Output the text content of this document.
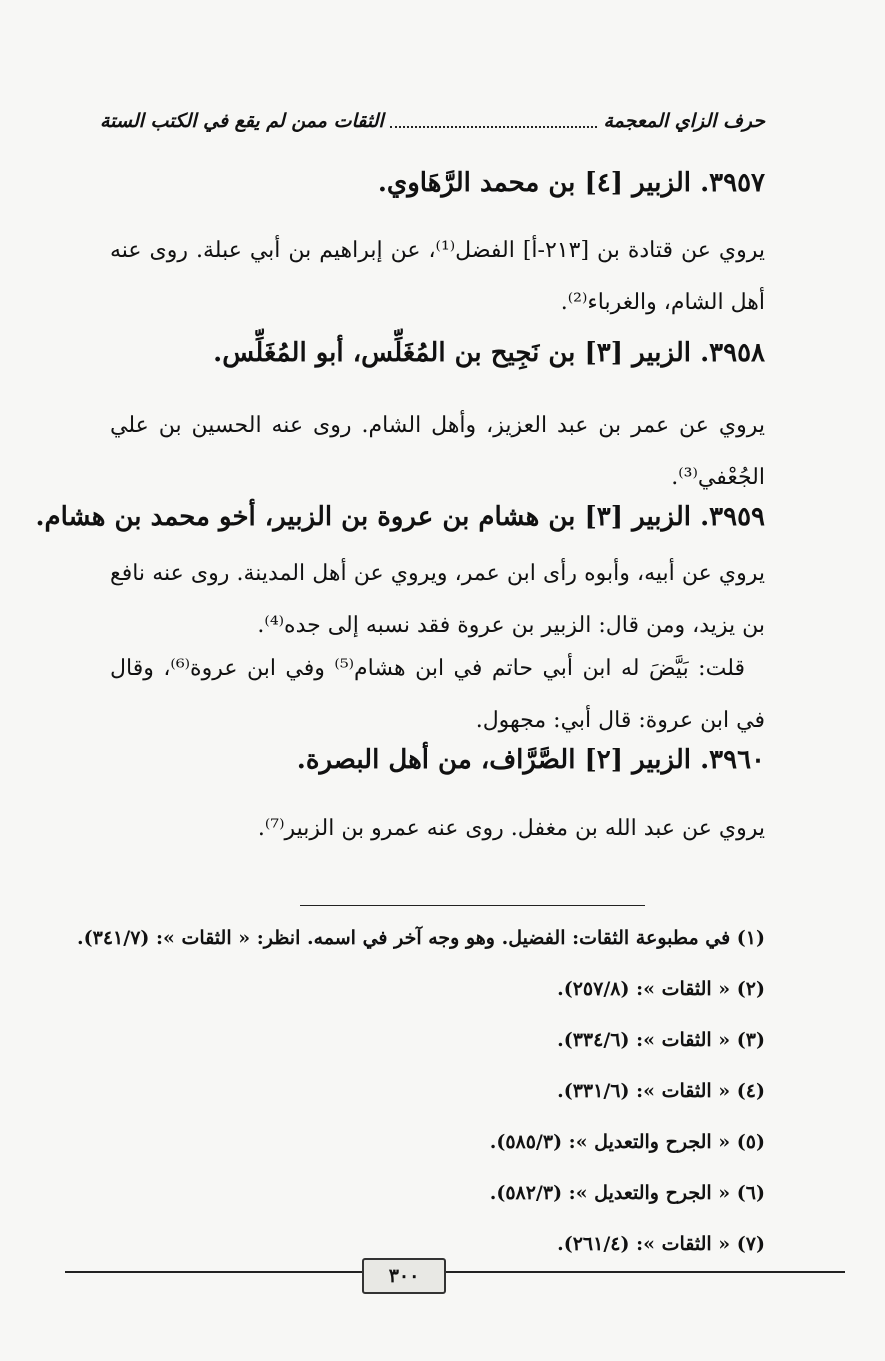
حرف الزاي المعجمة
الثقات ممن لم يقع في الكتب الستة
٣٩٥٧. الزبير [٤] بن محمد الرَّهَاوي.
يروي عن قتادة بن [٢١٣-أ] الفضل⁽¹⁾، عن إبراهيم بن أبي عبلة. روى عنه أهل الشام، والغرباء⁽²⁾.
٣٩٥٨. الزبير [٣] بن نَجِيح بن المُغَلِّس، أبو المُغَلِّس.
يروي عن عمر بن عبد العزيز، وأهل الشام. روى عنه الحسين بن علي الجُعْفي⁽³⁾.
٣٩٥٩. الزبير [٣] بن هشام بن عروة بن الزبير، أخو محمد بن هشام.
يروي عن أبيه، وأبوه رأى ابن عمر، ويروي عن أهل المدينة. روى عنه نافع بن يزيد، ومن قال: الزبير بن عروة فقد نسبه إلى جده⁽⁴⁾.
قلت: بَيَّضَ له ابن أبي حاتم في ابن هشام⁽⁵⁾ وفي ابن عروة⁽⁶⁾، وقال في ابن عروة: قال أبي: مجهول.
٣٩٦٠. الزبير [٢] الصَّرَّاف، من أهل البصرة.
يروي عن عبد الله بن مغفل. روى عنه عمرو بن الزبير⁽⁷⁾.
(١) في مطبوعة الثقات: الفضيل. وهو وجه آخر في اسمه. انظر: « الثقات »: (٣٤١/٧).
(٢) « الثقات »: (٢٥٧/٨).
(٣) « الثقات »: (٣٣٤/٦).
(٤) « الثقات »: (٣٣١/٦).
(٥) « الجرح والتعديل »: (٥٨٥/٣).
(٦) « الجرح والتعديل »: (٥٨٢/٣).
(٧) « الثقات »: (٢٦١/٤).
٣٠٠
